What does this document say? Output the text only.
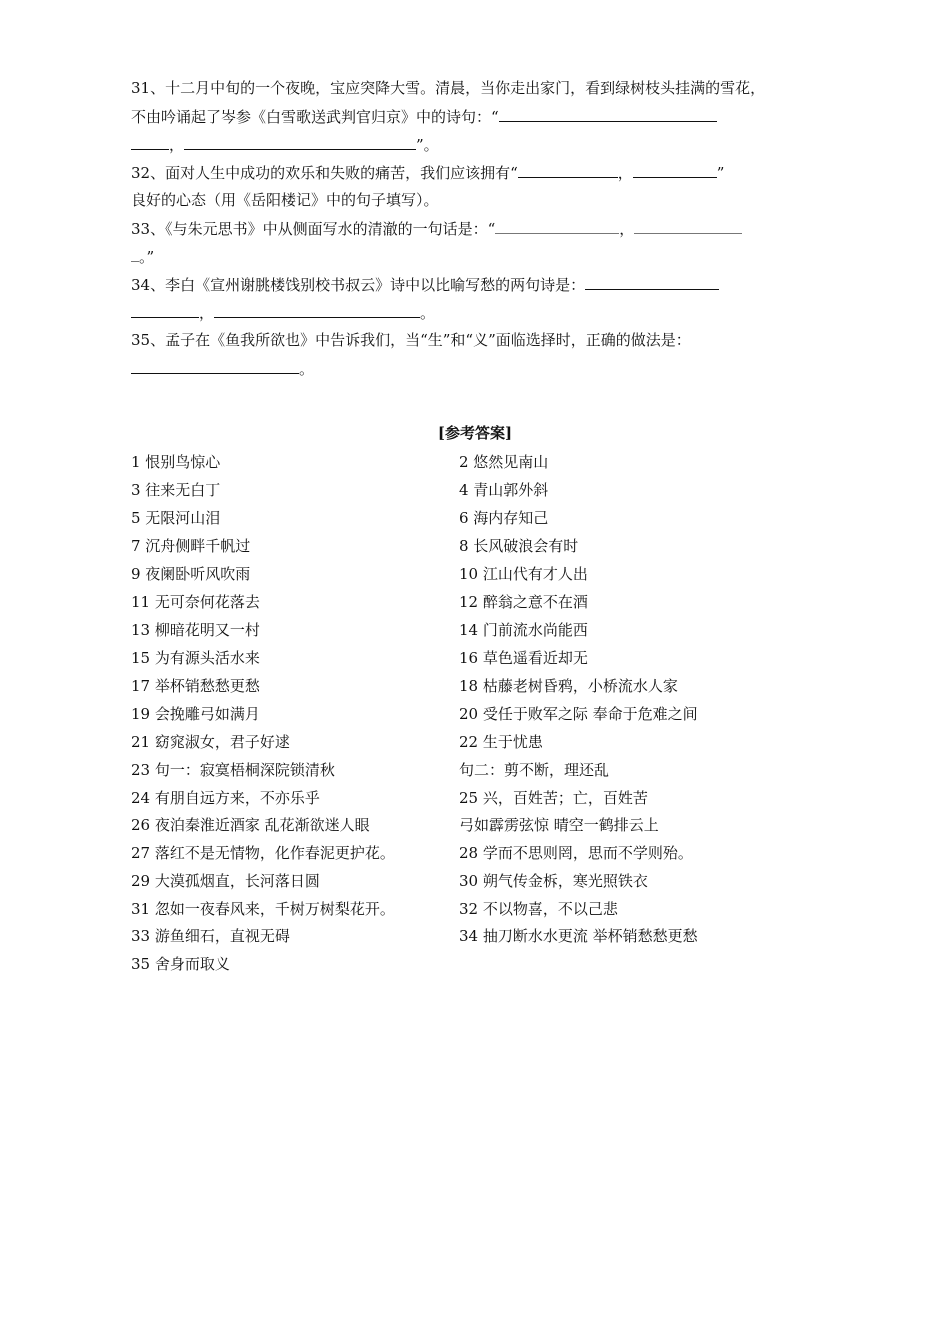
31、十二月中旬的一个夜晚，宝应突降大雪。清晨，当你走出家门，看到绿树枝头挂满的雪花，
不由吟诵起了岑参《白雪歌送武判官归京》中的诗句：“
，	”。
32、面对人生中成功的欢乐和失败的痛苦，我们应该拥有“	，	”
良好的心态（用《岳阳楼记》中的句子填写）。
33、《与朱元思书》中从侧面写水的清澈的一句话是：“	，
。”
34、李白《宣州谢朓楼饯别校书叔云》诗中以比喻写愁的两句诗是：
，	。
35、孟子在《鱼我所欲也》中告诉我们，当“生”和“义”面临选择时，正确的做法是：
。
[参考答案]
1 恨别鸟惊心	2 悠然见南山
3 往来无白丁	4 青山郭外斜
5 无限河山泪	6 海内存知己
7 沉舟侧畔千帆过	8 长风破浪会有时
9 夜阑卧听风吹雨	10 江山代有才人出
11 无可奈何花落去	12 醉翁之意不在酒
13 柳暗花明又一村	14 门前流水尚能西
15 为有源头活水来	16 草色遥看近却无
17 举杯销愁愁更愁	18 枯藤老树昏鸦，小桥流水人家
19 会挽雕弓如满月	20 受任于败军之际 奉命于危难之间
21 窈窕淑女，君子好逑	22 生于忧患
23 句一：寂寞梧桐深院锁清秋	句二：剪不断，理还乱
24 有朋自远方来，不亦乐乎	25 兴，百姓苦；亡，百姓苦
26 夜泊秦淮近酒家 乱花渐欲迷人眼	弓如霹雳弦惊 晴空一鹤排云上
27 落红不是无情物，化作春泥更护花。	28 学而不思则罔，思而不学则殆。
29 大漠孤烟直，长河落日圆	30 朔气传金柝，寒光照铁衣
31 忽如一夜春风来，千树万树梨花开。	32 不以物喜，不以己悲
33 游鱼细石，直视无碍	34 抽刀断水水更流 举杯销愁愁更愁
35 舍身而取义
